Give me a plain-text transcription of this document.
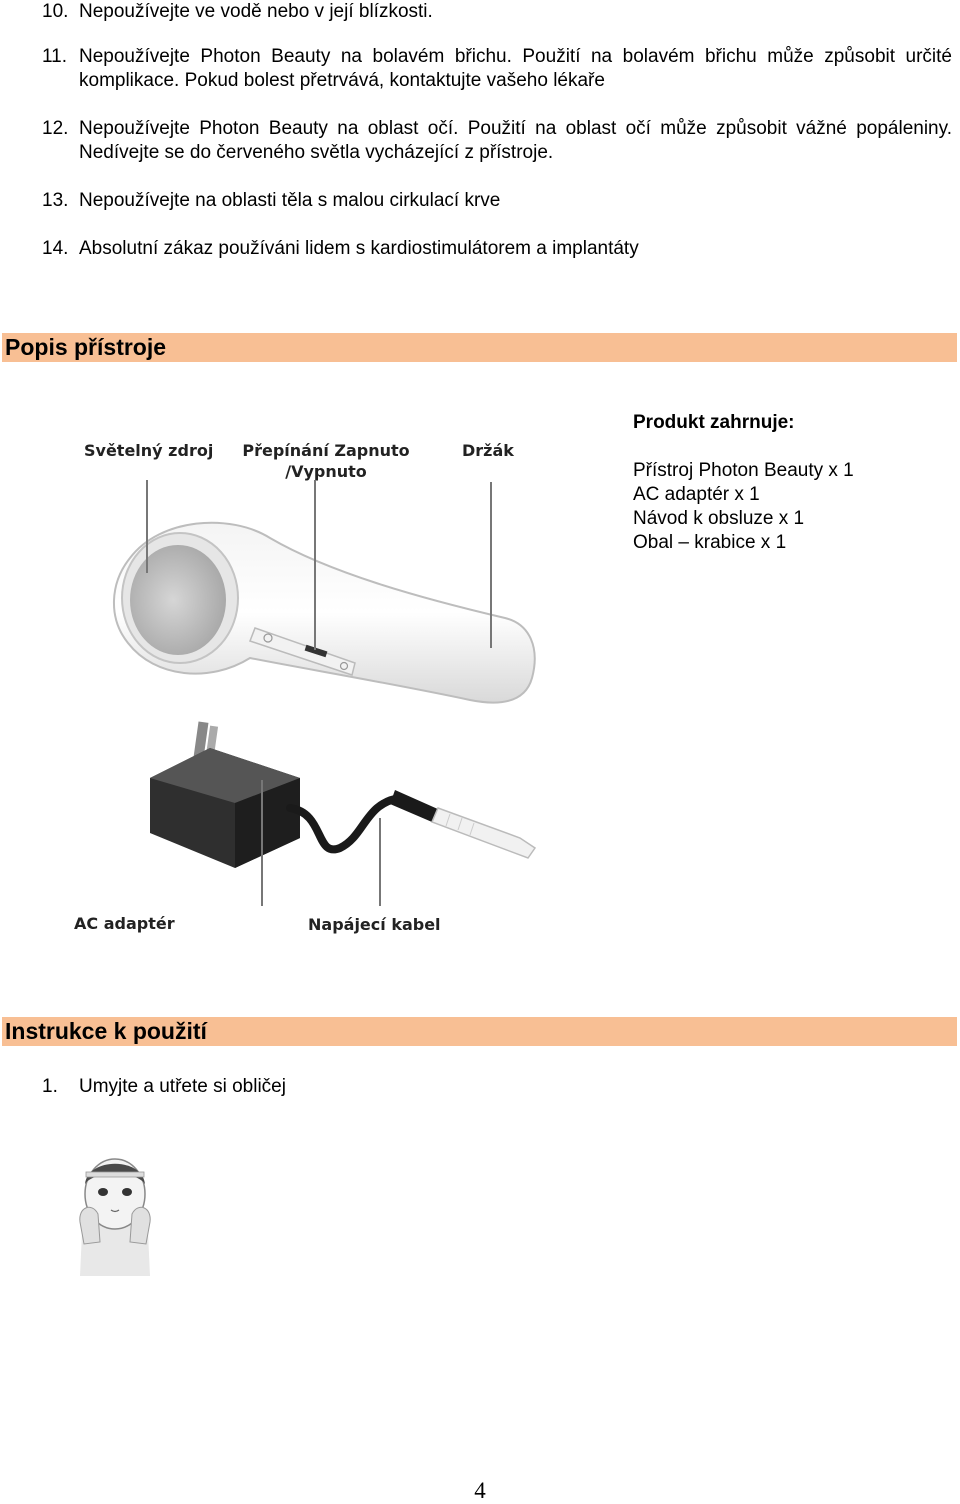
10. Nepoužívejte ve vodě nebo v její blízkosti.
11. Nepoužívejte Photon Beauty na bolavém břichu. Použití na bolavém břichu může způsobit určité komplikace. Pokud bolest přetrvává, kontaktujte vašeho lékaře
12. Nepoužívejte Photon Beauty na oblast očí. Použití na oblast očí může způsobit vážné popáleniny. Nedívejte se do červeného světla vycházející z přístroje.
13. Nepoužívejte na oblasti těla s malou cirkulací krve
14. Absolutní zákaz používáni lidem s kardiostimulátorem a implantáty
Popis přístroje
Světelný zdroj Přepínání Zapnuto
/Vypnuto
Držák
AC adaptér	Napájecí kabel
Produkt zahrnuje:
Přístroj Photon Beauty x 1
AC adaptér x 1
Návod k obsluze x 1
Obal – krabice x 1
Instrukce k použití
1. Umyjte a utřete si obličej
4
